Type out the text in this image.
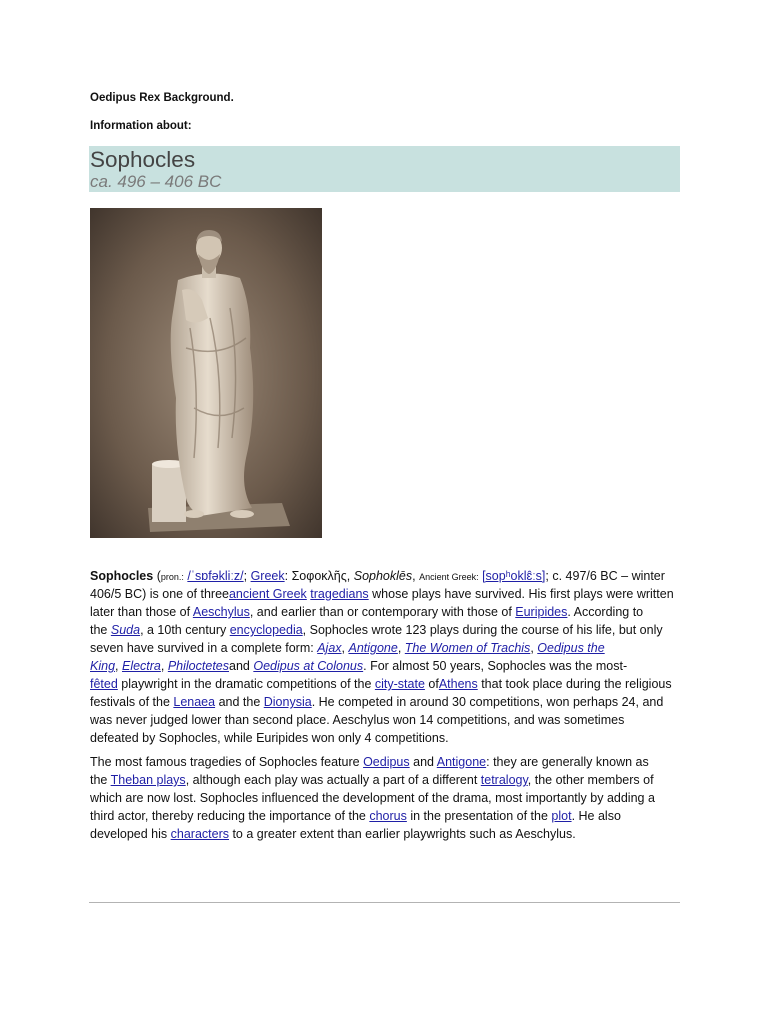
Oedipus Rex Background.
Information about:
Sophocles
ca. 496 – 406 BC
Sophocles (pron.: /ˈsɒfəkliːz/; Greek: Σοφοκλῆς, Sophoklēs, Ancient Greek: [sopʰoklɛ̂ːs]; c. 497/6 BC – winter
406/5 BC) is one of threeancient Greek tragedians whose plays have survived. His first plays were written
later than those of Aeschylus, and earlier than or contemporary with those of Euripides. According to
the Suda, a 10th century encyclopedia, Sophocles wrote 123 plays during the course of his life, but only
seven have survived in a complete form: Ajax, Antigone, The Women of Trachis, Oedipus the
King, Electra, Philoctetesand Oedipus at Colonus. For almost 50 years, Sophocles was the most-
fêted playwright in the dramatic competitions of the city-state ofAthens that took place during the religious
festivals of the Lenaea and the Dionysia. He competed in around 30 competitions, won perhaps 24, and
was never judged lower than second place. Aeschylus won 14 competitions, and was sometimes
defeated by Sophocles, while Euripides won only 4 competitions.
The most famous tragedies of Sophocles feature Oedipus and Antigone: they are generally known as
the Theban plays, although each play was actually a part of a different tetralogy, the other members of
which are now lost. Sophocles influenced the development of the drama, most importantly by adding a
third actor, thereby reducing the importance of the chorus in the presentation of the plot. He also
developed his characters to a greater extent than earlier playwrights such as Aeschylus.
